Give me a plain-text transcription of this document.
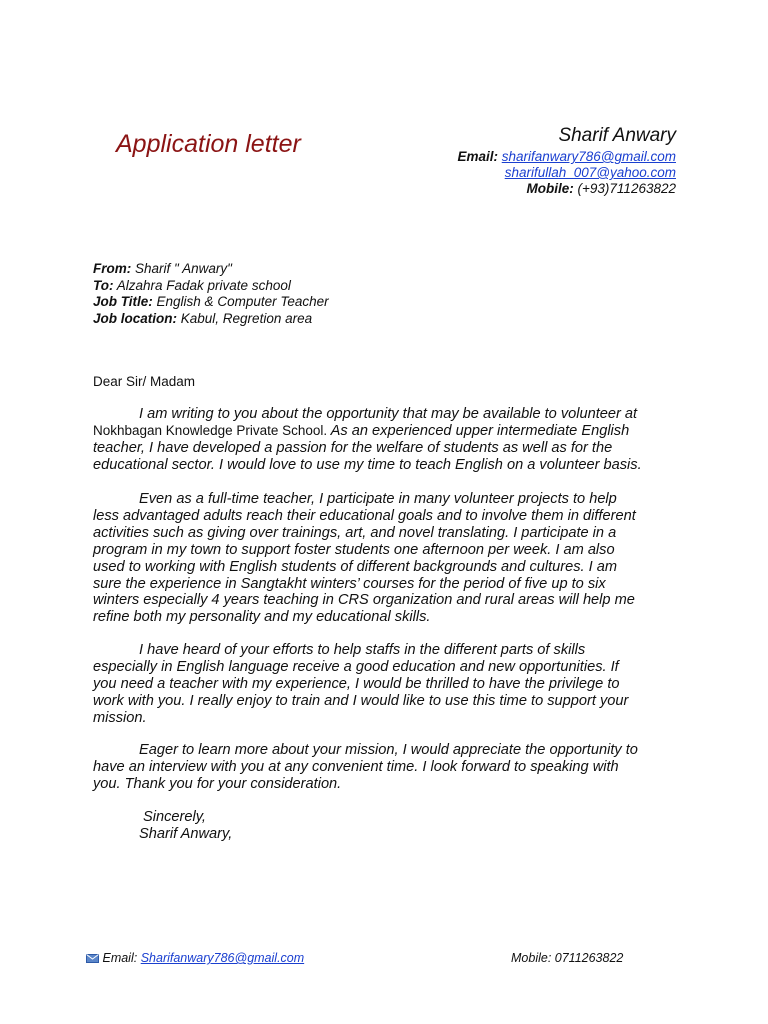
Application letter	Sharif Anwary
Email: sharifanwary786@gmail.com
sharifullah_007@yahoo.com
Mobile: (+93)711263822
From: Sharif " Anwary"
To: Alzahra Fadak private school
Job Title: English & Computer Teacher
Job location: Kabul, Regretion area
Dear Sir/ Madam
I am writing to you about the opportunity that may be available to volunteer at
Nokhbagan Knowledge Private School. As an experienced upper intermediate English
teacher, I have developed a passion for the welfare of students as well as for the
educational sector. I would love to use my time to teach English on a volunteer basis.
Even as a full-time teacher, I participate in many volunteer projects to help
less advantaged adults reach their educational goals and to involve them in different
activities such as giving over trainings, art, and novel translating. I participate in a
program in my town to support foster students one afternoon per week. I am also
used to working with English students of different backgrounds and cultures. I am
sure the experience in Sangtakht winters’ courses for the period of five up to six
winters especially 4 years teaching in CRS organization and rural areas will help me
refine both my personality and my educational skills.
I have heard of your efforts to help staffs in the different parts of skills
especially in English language receive a good education and new opportunities. If
you need a teacher with my experience, I would be thrilled to have the privilege to
work with you. I really enjoy to train and I would like to use this time to support your
mission.
Eager to learn more about your mission, I would appreciate the opportunity to
have an interview with you at any convenient time. I look forward to speaking with
you. Thank you for your consideration.
Sincerely,
Sharif Anwary,
Email: Sharifanwary786@gmail.com	Mobile: 0711263822
